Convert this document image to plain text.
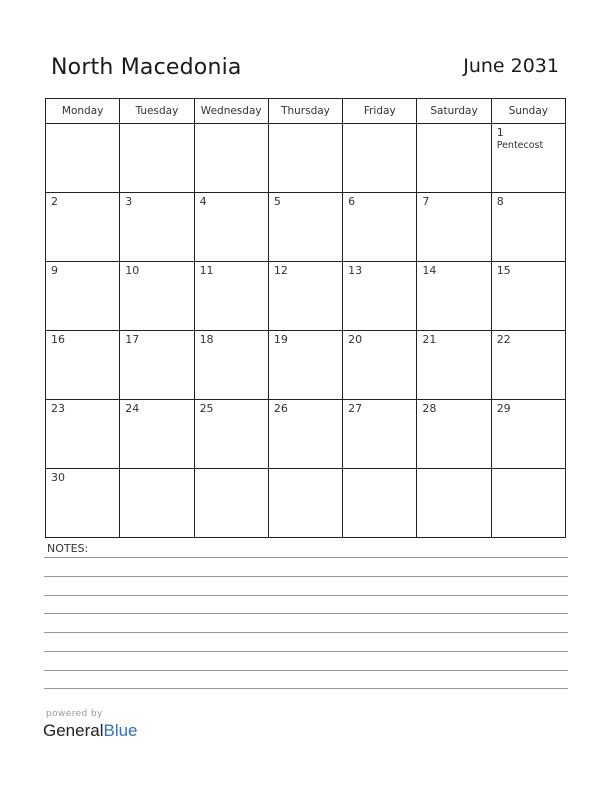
North Macedonia	June 2031
Monday	Tuesday	Wednesday	Thursday	Friday	Saturday	Sunday

						1
Pentecost

2	3	4	5	6	7	8

9	10	11	12	13	14	15

16	17	18	19	20	21	22

23	24	25	26	27	28	29

30						

NOTES:
powered by
GeneralBlue
